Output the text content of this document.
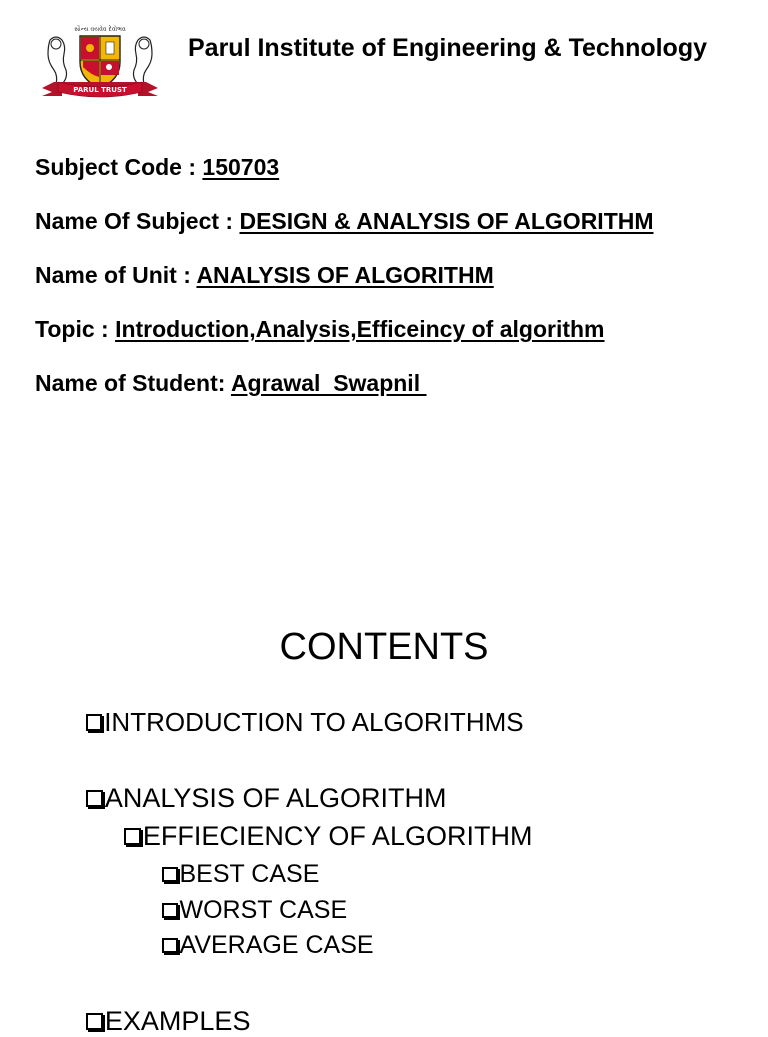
સૌન્ય વયવેવ દેવોભવ
PARUL TRUST
Parul Institute of Engineering & Technology
Subject Code : 150703
Name Of Subject : DESIGN & ANALYSIS OF ALGORITHM
Name of Unit : ANALYSIS OF ALGORITHM
Topic : Introduction,Analysis,Efficeincy of algorithm
Name of Student: Agrawal  Swapnil
CONTENTS
INTRODUCTION TO ALGORITHMS
ANALYSIS OF ALGORITHM
EFFIECIENCY OF ALGORITHM
BEST CASE
WORST CASE
AVERAGE CASE
EXAMPLES
